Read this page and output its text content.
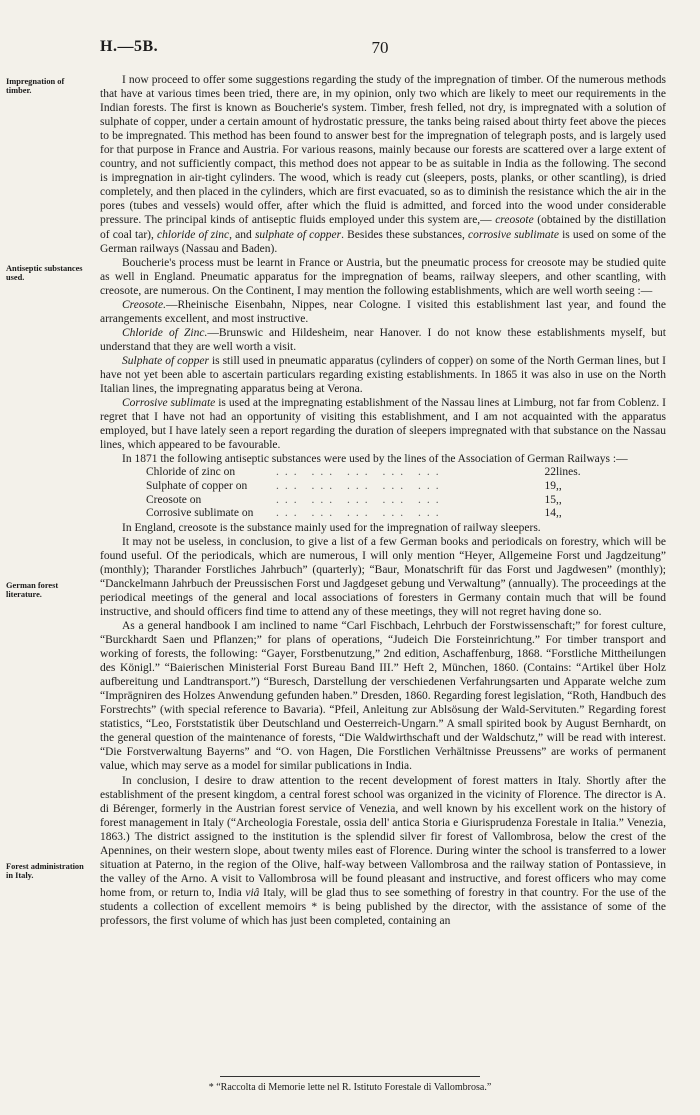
H.—5B.	70
Impregnation of timber.
Antiseptic substances used.
German forest literature.
Forest administration in Italy.

I now proceed to offer some suggestions regarding the study of the impregnation of timber. Of the numerous methods that have at various times been tried, there are, in my opinion, only two which are likely to meet our requirements in the Indian forests. The first is known as Boucherie's system. Timber, fresh felled, not dry, is impregnated with a solution of sulphate of copper, under a certain amount of hydrostatic pressure, the tanks being raised about thirty feet above the pieces to be impregnated. This method has been found to answer best for the impregnation of telegraph posts, and is largely used for that purpose in France and Austria. For various reasons, mainly because our forests are scattered over a large extent of country, and not sufficiently compact, this method does not appear to be as suitable in India as the following. The second is impregnation in air-tight cylinders. The wood, which is ready cut (sleepers, posts, planks, or other scantling), is dried completely, and then placed in the cylinders, which are first evacuated, so as to diminish the resistance which the air in the pores (tubes and vessels) would offer, after which the fluid is admitted, and forced into the wood under considerable pressure. The principal kinds of antiseptic fluids employed under this system are,— creosote (obtained by the distillation of coal tar), chloride of zinc, and sulphate of copper. Besides these substances, corrosive sublimate is used on some of the German railways (Nassau and Baden).

Boucherie's process must be learnt in France or Austria, but the pneumatic process for creosote may be studied quite as well in England. Pneumatic apparatus for the impregnation of beams, railway sleepers, and other scantling, with creosote, are numerous. On the Continent, I may mention the following establishments, which are well worth seeing :—

Creosote.—Rheinische Eisenbahn, Nippes, near Cologne. I visited this establishment last year, and found the arrangements excellent, and most instructive.

Chloride of Zinc.—Brunswic and Hildesheim, near Hanover. I do not know these establishments myself, but understand that they are well worth a visit.

Sulphate of copper is still used in pneumatic apparatus (cylinders of copper) on some of the North German lines, but I have not yet been able to ascertain particulars regarding existing establishments. In 1865 it was also in use on the North Italian lines, the impregnating apparatus being at Verona.

Corrosive sublimate is used at the impregnating establishment of the Nassau lines at Limburg, not far from Coblenz. I regret that I have not had an opportunity of visiting this establishment, and I am not acquainted with the apparatus employed, but I have lately seen a report regarding the duration of sleepers impregnated with that substance on the Nassau lines, which appeared to be favourable.

In 1871 the following antiseptic substances were used by the lines of the Association of German Railways :—

Chloride of zinc on	... ... ... ... ...	22	lines.
Sulphate of copper on	... ... ... ... ...	19	,,
Creosote on	... ... ... ... ...	15	,,
Corrosive sublimate on	... ... ... ... ...	14	,,

In England, creosote is the substance mainly used for the impregnation of railway sleepers.

It may not be useless, in conclusion, to give a list of a few German books and periodicals on forestry, which will be found useful. Of the periodicals, which are numerous, I will only mention “Heyer, Allgemeine Forst und Jagdzeitung” (monthly); Tharander Forstliches Jahrbuch” (quarterly); “Baur, Monatschrift für das Forst und Jagdwesen” (monthly); “Danckelmann Jahrbuch der Preussischen Forst und Jagdgeset gebung und Verwaltung” (annually). The proceedings at the periodical meetings of the general and local associations of foresters in Germany contain much that will be found instructive, and should officers find time to attend any of these meetings, they will not regret having done so.

As a general handbook I am inclined to name “Carl Fischbach, Lehrbuch der Forstwissenschaft;” for forest culture, “Burckhardt Saen und Pflanzen;” for plans of operations, “Judeich Die Forsteinrichtung.” For timber transport and working of forests, the following: “Gayer, Forstbenutzung,” 2nd edition, Aschaffenburg, 1868. “Forstliche Mittheilungen des Königl.” “Baierischen Ministerial Forst Bureau Band III.” Heft 2, München, 1860. (Contains: “Artikel über Holz aufbereitung und Landtransport.”) “Buresch, Darstellung der verschiedenen Verfahrungsarten und Apparate welche zum “Imprägniren des Holzes Anwendung gefunden haben.” Dresden, 1860. Regarding forest legislation, “Roth, Handbuch des Forstrechts” (with special reference to Bavaria). “Pfeil, Anleitung zur Ablsösung der Wald-Servituten.” Regarding forest statistics, “Leo, Forststatistik über Deutschland und Oesterreich-Ungarn.” A small spirited book by August Bernhardt, on the general question of the maintenance of forests, “Die Waldwirthschaft und der Waldschutz,” will be read with interest. “Die Forstverwaltung Bayerns” and “O. von Hagen, Die Forstlichen Verhältnisse Preussens” are works of permanent value, which may serve as a model for similar publications in India.

In conclusion, I desire to draw attention to the recent development of forest matters in Italy. Shortly after the establishment of the present kingdom, a central forest school was organized in the vicinity of Florence. The director is A. di Bérenger, formerly in the Austrian forest service of Venezia, and well known by his excellent work on the history of forest management in Italy (“Archeologia Forestale, ossia dell' antica Storia e Giurisprudenza Forestale in Italia.” Venezia, 1863.) The district assigned to the institution is the splendid silver fir forest of Vallombrosa, below the crest of the Apennines, on their western slope, about twenty miles east of Florence. During winter the school is transferred to a lower situation at Paterno, in the region of the Olive, half-way between Vallombrosa and the railway station of Pontassieve, in the valley of the Arno. A visit to Vallombrosa will be found pleasant and instructive, and forest officers who may come home from, or return to, India viâ Italy, will be glad thus to see something of forestry in that country. For the use of the students a collection of excellent memoirs * is being published by the director, with the assistance of some of the professors, the first volume of which has just been completed, containing an

* “Raccolta di Memorie lette nel R. Istituto Forestale di Vallombrosa.”
